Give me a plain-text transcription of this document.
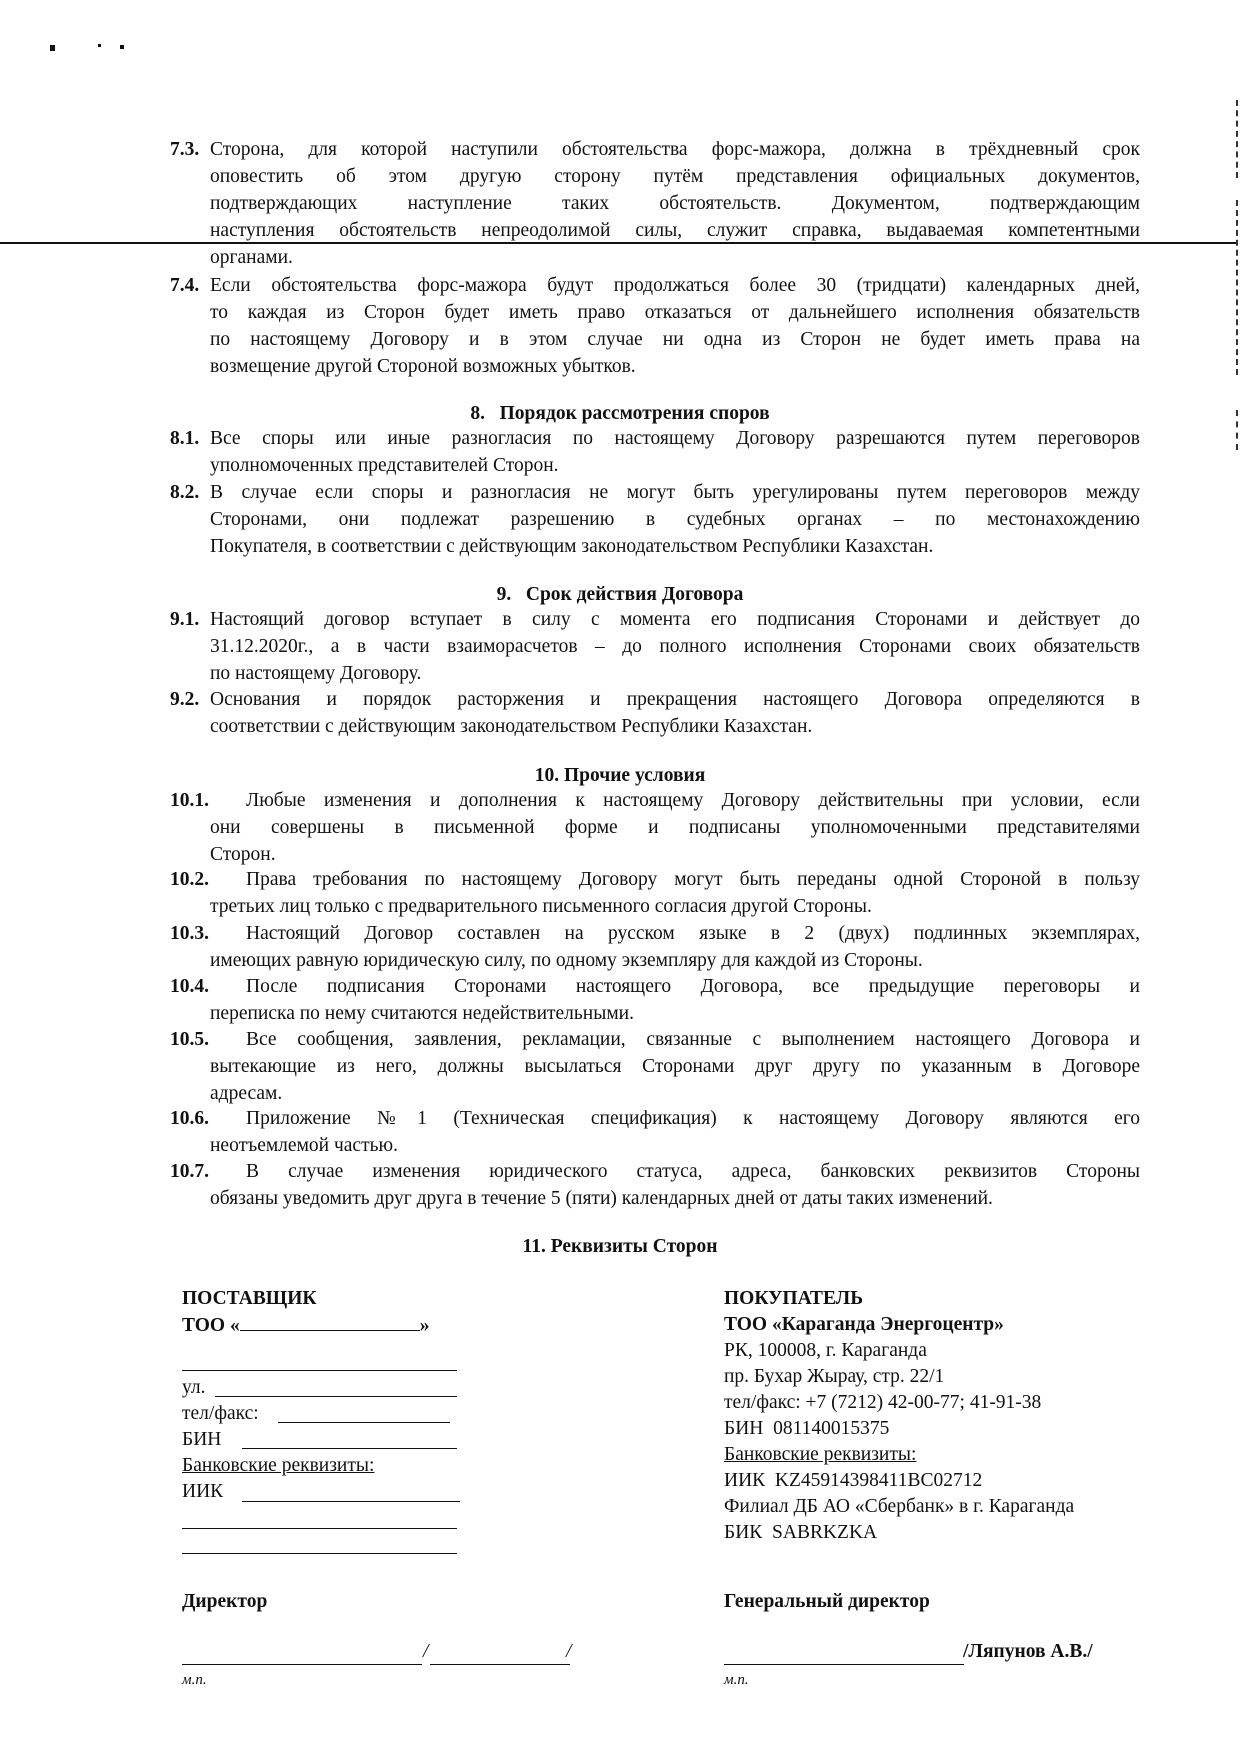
7.3. Сторона, для которой наступили обстоятельства форс-мажора, должна в трёхдневный срок
оповестить об этом другую сторону путём представления официальных документов,
подтверждающих наступление таких обстоятельств. Документом, подтверждающим
наступления обстоятельств непреодолимой силы, служит справка, выдаваемая компетентными
органами.
7.4. Если обстоятельства форс-мажора будут продолжаться более 30 (тридцати) календарных дней,
то каждая из Сторон будет иметь право отказаться от дальнейшего исполнения обязательств
по настоящему Договору и в этом случае ни одна из Сторон не будет иметь права на
возмещение другой Стороной возможных убытков.
8.   Порядок рассмотрения споров
8.1. Все споры или иные разногласия по настоящему Договору разрешаются путем переговоров
уполномоченных представителей Сторон.
8.2. В случае если споры и разногласия не могут быть урегулированы путем переговоров между
Сторонами, они подлежат разрешению в судебных органах – по местонахождению
Покупателя, в соответствии с действующим законодательством Республики Казахстан.
9.   Срок действия Договора
9.1. Настоящий договор вступает в силу с момента его подписания Сторонами и действует до
31.12.2020г., а в части взаиморасчетов – до полного исполнения Сторонами своих обязательств
по настоящему Договору.
9.2. Основания и порядок расторжения и прекращения настоящего Договора определяются в
соответствии с действующим законодательством Республики Казахстан.
10. Прочие условия
10.1.	Любые изменения и дополнения к настоящему Договору действительны при условии, если
они совершены в письменной форме и подписаны уполномоченными представителями
Сторон.
10.2.	Права требования по настоящему Договору могут быть переданы одной Стороной в пользу
третьих лиц только с предварительного письменного согласия другой Стороны.
10.3.	Настоящий Договор составлен на русском языке в 2 (двух) подлинных экземплярах,
имеющих равную юридическую силу, по одному экземпляру для каждой из Стороны.
10.4.	После подписания Сторонами настоящего Договора, все предыдущие переговоры и
переписка по нему считаются недействительными.
10.5.	Все сообщения, заявления, рекламации, связанные с выполнением настоящего Договора и
вытекающие из него, должны высылаться Сторонами друг другу по указанным в Договоре
адресам.
10.6.	Приложение №1 (Техническая спецификация) к настоящему Договору являются его
неотъемлемой частью.
10.7.	В случае изменения юридического статуса, адреса, банковских реквизитов Стороны
обязаны уведомить друг друга в течение 5 (пяти) календарных дней от даты таких изменений.
11. Реквизиты Сторон
ПОСТАВЩИК
ТОО «	»
ул.
тел/факс:
БИН
Банковские реквизиты:
ИИК
Директор
/	/
м.п.
ПОКУПАТЕЛЬ
ТОО «Караганда Энергоцентр»
РК, 100008, г. Караганда
пр. Бухар Жырау, стр. 22/1
тел/факс: +7 (7212) 42-00-77; 41-91-38
БИН  081140015375
Банковские реквизиты:
ИИК  KZ45914398411BC02712
Филиал ДБ АО «Сбербанк» в г. Караганда
БИК  SABRKZKA
Генеральный директор
/Ляпунов А.В./
м.п.
